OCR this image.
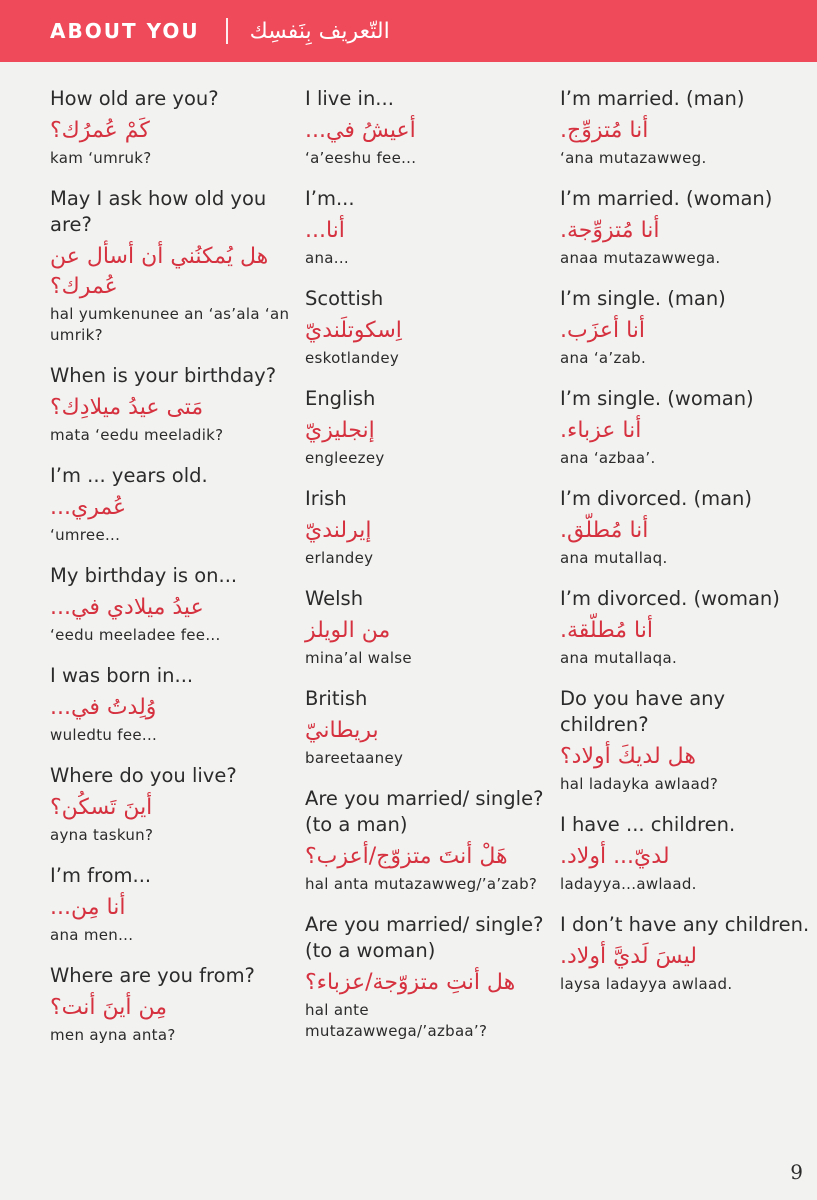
ABOUT YOU التّعريف بِنَفسِك
How old are you?
كَمْ عُمرُك؟
kam ‘umruk?
May I ask how old you are?
هل يُمكنُني أن أسأل عن عُمرك؟
hal yumkenunee an ‘as’ala ‘an umrik?
When is your birthday?
مَتى عيدُ ميلادِك؟
mata ‘eedu meeladik?
I’m ... years old.
عُمري...
‘umree...
My birthday is on...
عيدُ ميلادي في...
‘eedu meeladee fee...
I was born in...
وُلِدتُ في...
wuledtu fee...
Where do you live?
أينَ تَسكُن؟
ayna taskun?
I’m from...
أنا مِن...
ana men...
Where are you from?
مِن أينَ أنت؟
men ayna anta?
I live in...
أعيشُ في...
‘a’eeshu fee...
I’m...
أنا...
ana...
Scottish
اِسكوتلَنديّ
eskotlandey
English
إنجليزيّ
engleezey
Irish
إيرلنديّ
erlandey
Welsh
من الويلز
mina’al walse
British
بريطانيّ
bareetaaney
Are you married/ single? (to a man)
هَلْ أنتَ متزوّج/أعزب؟
hal anta mutazawweg/’a’zab?
Are you married/ single? (to a woman)
هل أنتِ متزوّجة/عزباء؟
hal ante mutazawwega/’azbaa’?
I’m married. (man)
أنا مُتزوِّج.
‘ana mutazawweg.
I’m married. (woman)
أنا مُتزوِّجة.
anaa mutazawwega.
I’m single. (man)
أنا أعزَب.
ana ‘a’zab.
I’m single. (woman)
أنا عزباء.
ana ‘azbaa’.
I’m divorced. (man)
أنا مُطلّق.
ana mutallaq.
I’m divorced. (woman)
أنا مُطلّقة.
ana mutallaqa.
Do you have any children?
هل لديكَ أولاد؟
hal ladayka awlaad?
I have ... children.
لديّ... أولاد.
ladayya...awlaad.
I don’t have any children.
ليسَ لَديَّ أولاد.
laysa ladayya awlaad.
9
